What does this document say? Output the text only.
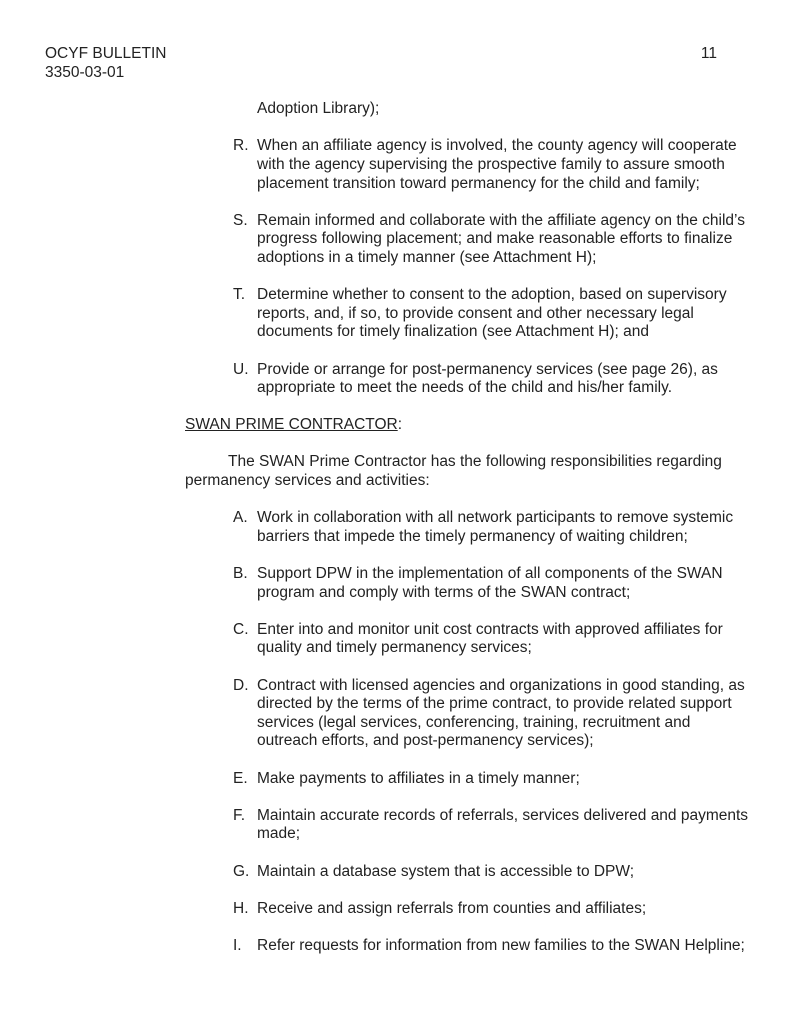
OCYF BULLETIN
3350-03-01
11
Adoption Library);
R. When an affiliate agency is involved, the county agency will cooperate with the agency supervising the prospective family to assure smooth placement transition toward permanency for the child and family;
S. Remain informed and collaborate with the affiliate agency on the child’s progress following placement; and make reasonable efforts to finalize adoptions in a timely manner (see Attachment H);
T. Determine whether to consent to the adoption, based on supervisory reports, and, if so, to provide consent and other necessary legal documents for timely finalization (see Attachment H); and
U. Provide or arrange for post-permanency services (see page 26), as appropriate to meet the needs of the child and his/her family.
SWAN PRIME CONTRACTOR:
The SWAN Prime Contractor has the following responsibilities regarding permanency services and activities:
A. Work in collaboration with all network participants to remove systemic barriers that impede the timely permanency of waiting children;
B. Support DPW in the implementation of all components of the SWAN program and comply with terms of the SWAN contract;
C. Enter into and monitor unit cost contracts with approved affiliates for quality and timely permanency services;
D. Contract with licensed agencies and organizations in good standing, as directed by the terms of the prime contract, to provide related support services (legal services, conferencing, training, recruitment and outreach efforts, and post-permanency services);
E. Make payments to affiliates in a timely manner;
F. Maintain accurate records of referrals, services delivered and payments made;
G. Maintain a database system that is accessible to DPW;
H. Receive and assign referrals from counties and affiliates;
I. Refer requests for information from new families to the SWAN Helpline;
